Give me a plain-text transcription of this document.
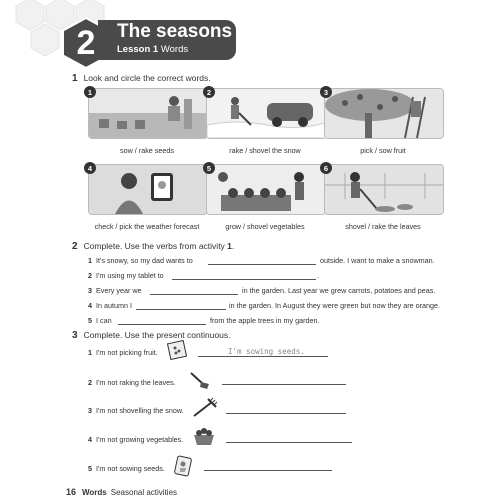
2	The seasons
Lesson 1 Words
1 Look and circle the correct words.
1	2	3
sow / rake seeds	rake / shovel the snow	pick / sow fruit
4	5	6
check / pick the weather forecast	grow / shovel vegetables	shovel / rake the leaves
2 Complete. Use the verbs from activity 1.
1 It's snowy, so my dad wants to	outside. I want to make a snowman.
2 I'm using my tablet to	.
3 Every year we	in the garden. Last year we grew carrots, potatoes and peas.
4 In autumn I	in the garden. In August they were green but now they are orange.
5 I can	from the apple trees in my garden.
3 Complete. Use the present continuous.
1 I'm not picking fruit.	I'm sowing seeds.
2 I'm not raking the leaves.
3 I'm not shovelling the snow.
4 I'm not growing vegetables.
5 I'm not sowing seeds.
16 Words Seasonal activities
